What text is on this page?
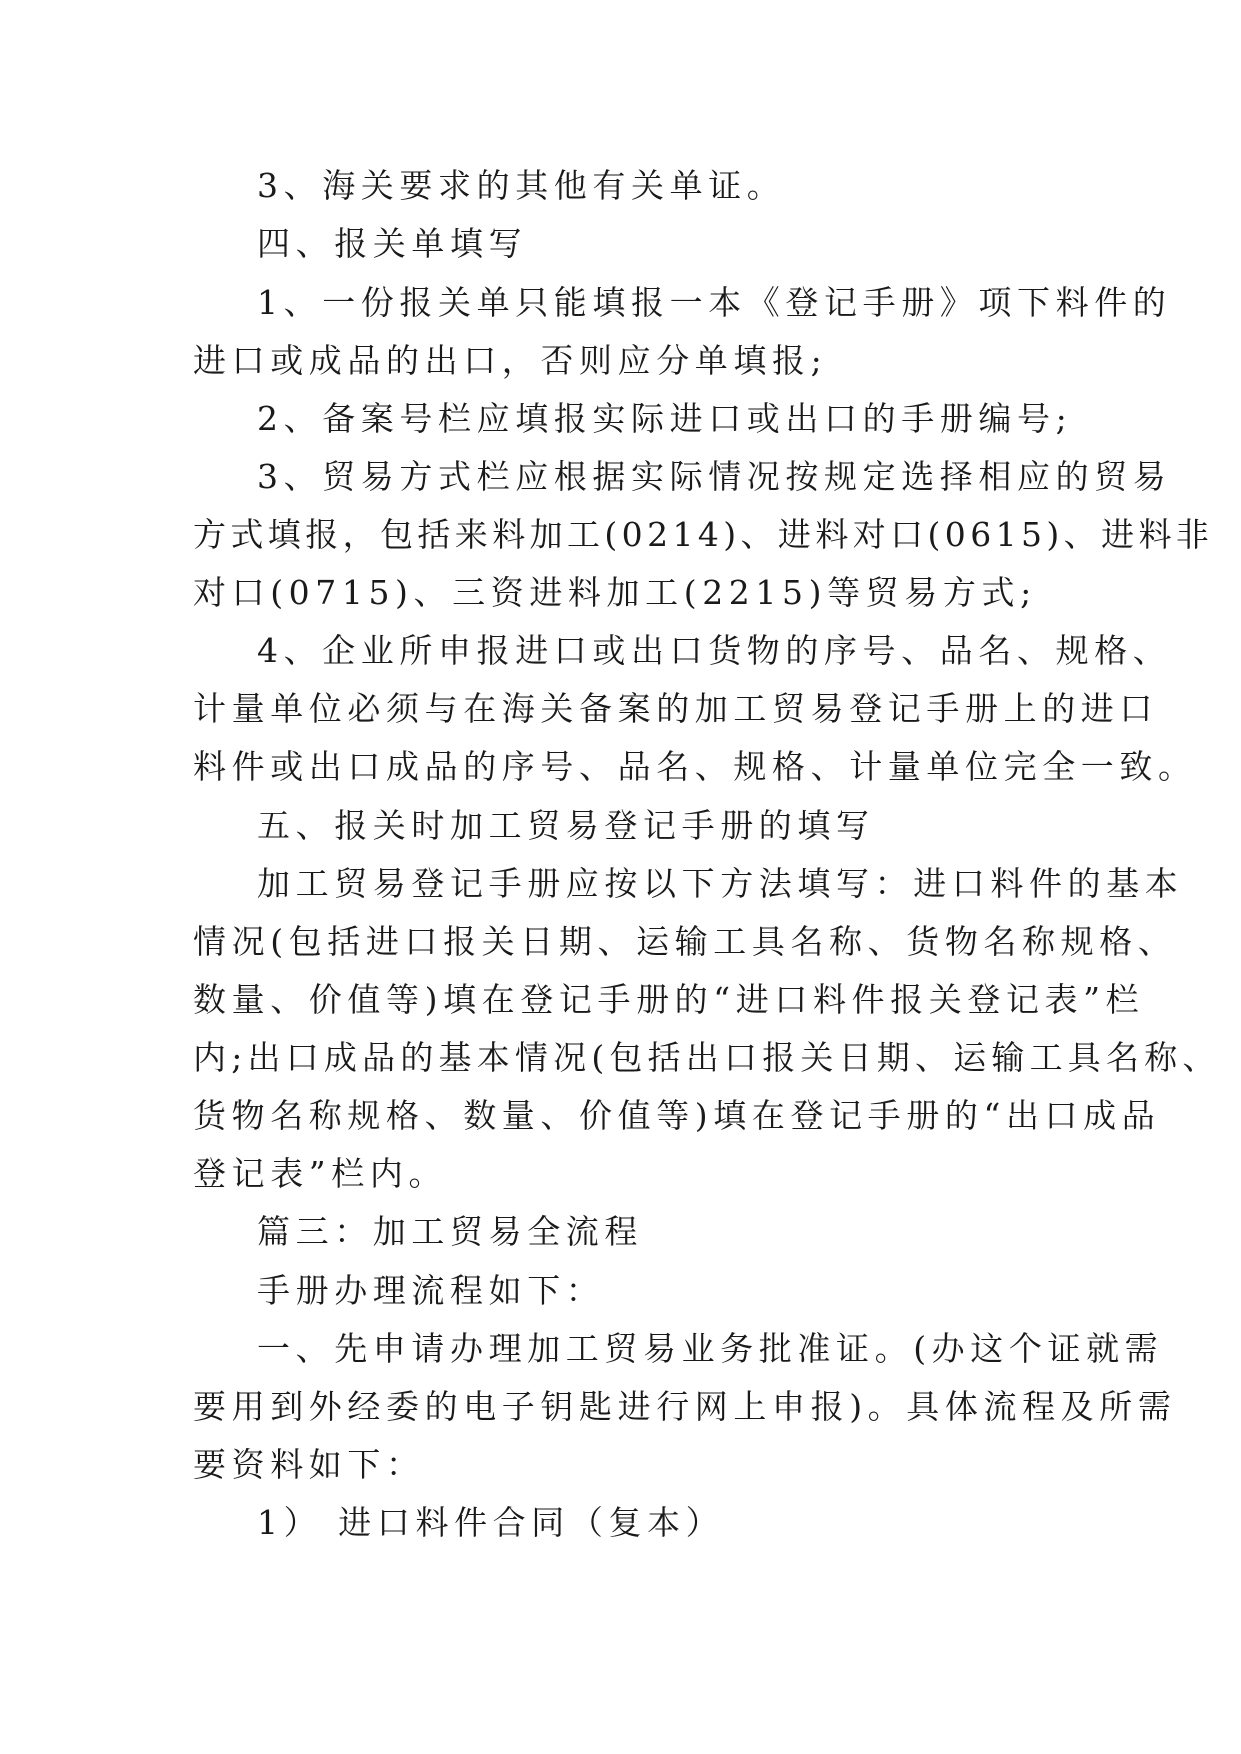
3、海关要求的其他有关单证。
四、报关单填写
1、一份报关单只能填报一本《登记手册》项下料件的
进口或成品的出口，否则应分单填报;
2、备案号栏应填报实际进口或出口的手册编号;
3、贸易方式栏应根据实际情况按规定选择相应的贸易
方式填报，包括来料加工(0214)、进料对口(0615)、进料非
对口(0715)、三资进料加工(2215)等贸易方式;
4、企业所申报进口或出口货物的序号、品名、规格、
计量单位必须与在海关备案的加工贸易登记手册上的进口
料件或出口成品的序号、品名、规格、计量单位完全一致。
五、报关时加工贸易登记手册的填写
加工贸易登记手册应按以下方法填写：进口料件的基本
情况(包括进口报关日期、运输工具名称、货物名称规格、
数量、价值等)填在登记手册的“进口料件报关登记表”栏
内;出口成品的基本情况(包括出口报关日期、运输工具名称、
货物名称规格、数量、价值等)填在登记手册的“出口成品
登记表”栏内。
篇三：加工贸易全流程
手册办理流程如下：
一、先申请办理加工贸易业务批准证。(办这个证就需
要用到外经委的电子钥匙进行网上申报)。具体流程及所需
要资料如下：
1） 进口料件合同（复本）
